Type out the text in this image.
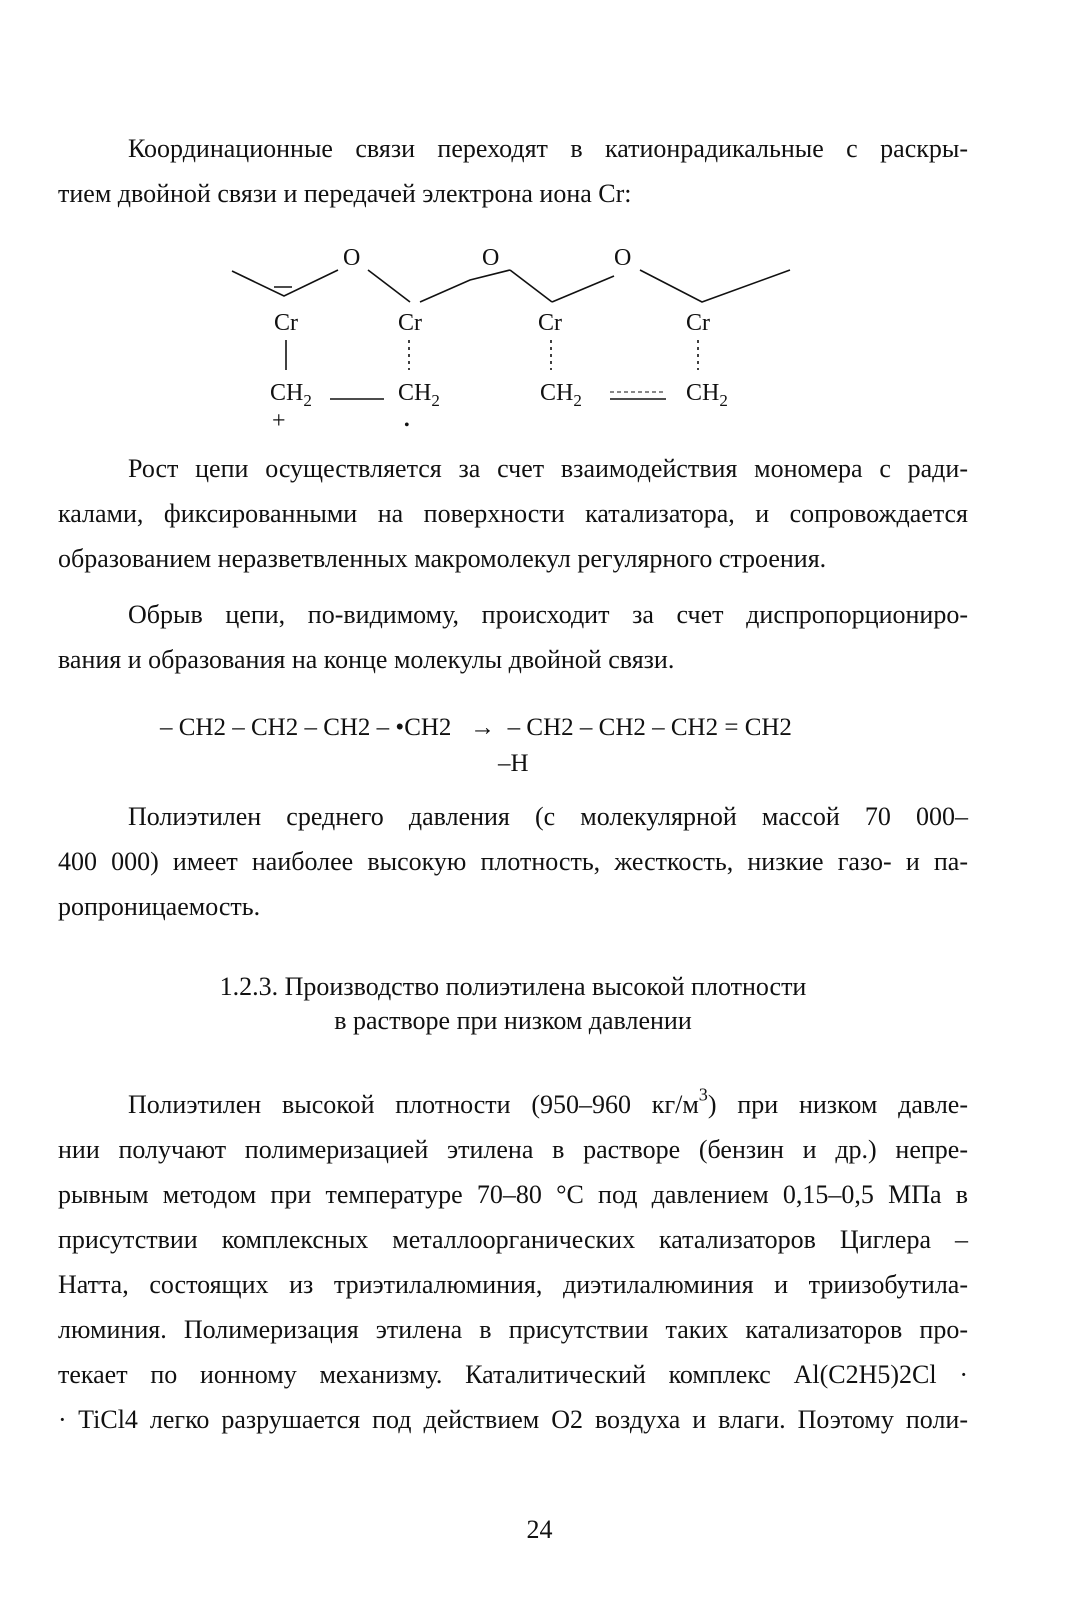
Координационные связи переходят в катионрадикальные с раскры-
тием двойной связи и передачей электрона иона Cr:

O	O	O
Cr	Cr	Cr	Cr
$CH_2$	$CH_2$	$CH_2$	$CH_2$
+	•

Рост цепи осуществляется за счет взаимодействия мономера с ради-
калами, фиксированными на поверхности катализатора, и сопровождается
образованием неразветвленных макромолекул регулярного строения.

Обрыв цепи, по-видимому, происходит за счет диспропорциониро-
вания и образования на конце молекулы двойной связи.

– CH2 – CH2 – CH2 – •CH2 → – CH2 – CH2 – CH2 = CH2
–H

Полиэтилен среднего давления (с молекулярной массой 70 000–
400 000) имеет наиболее высокую плотность, жесткость, низкие газо- и па-
ропроницаемость.

1.2.3. Производство полиэтилена высокой плотности
в растворе при низком давлении

Полиэтилен высокой плотности (950–960 $кг/м^3$) при низком давле-
нии получают полимеризацией этилена в растворе (бензин и др.) непре-
рывным методом при температуре 70–80 °С под давлением 0,15–0,5 МПа в
присутствии комплексных металлоорганических катализаторов Циглера –
Натта, состоящих из триэтилалюминия, диэтилалюминия и триизобутила-
люминия. Полимеризация этилена в присутствии таких катализаторов про-
текает по ионному механизму. Каталитический комплекс Al(C2H5)2Cl ·
· TiCl4 легко разрушается под действием O2 воздуха и влаги. Поэтому поли-

24
